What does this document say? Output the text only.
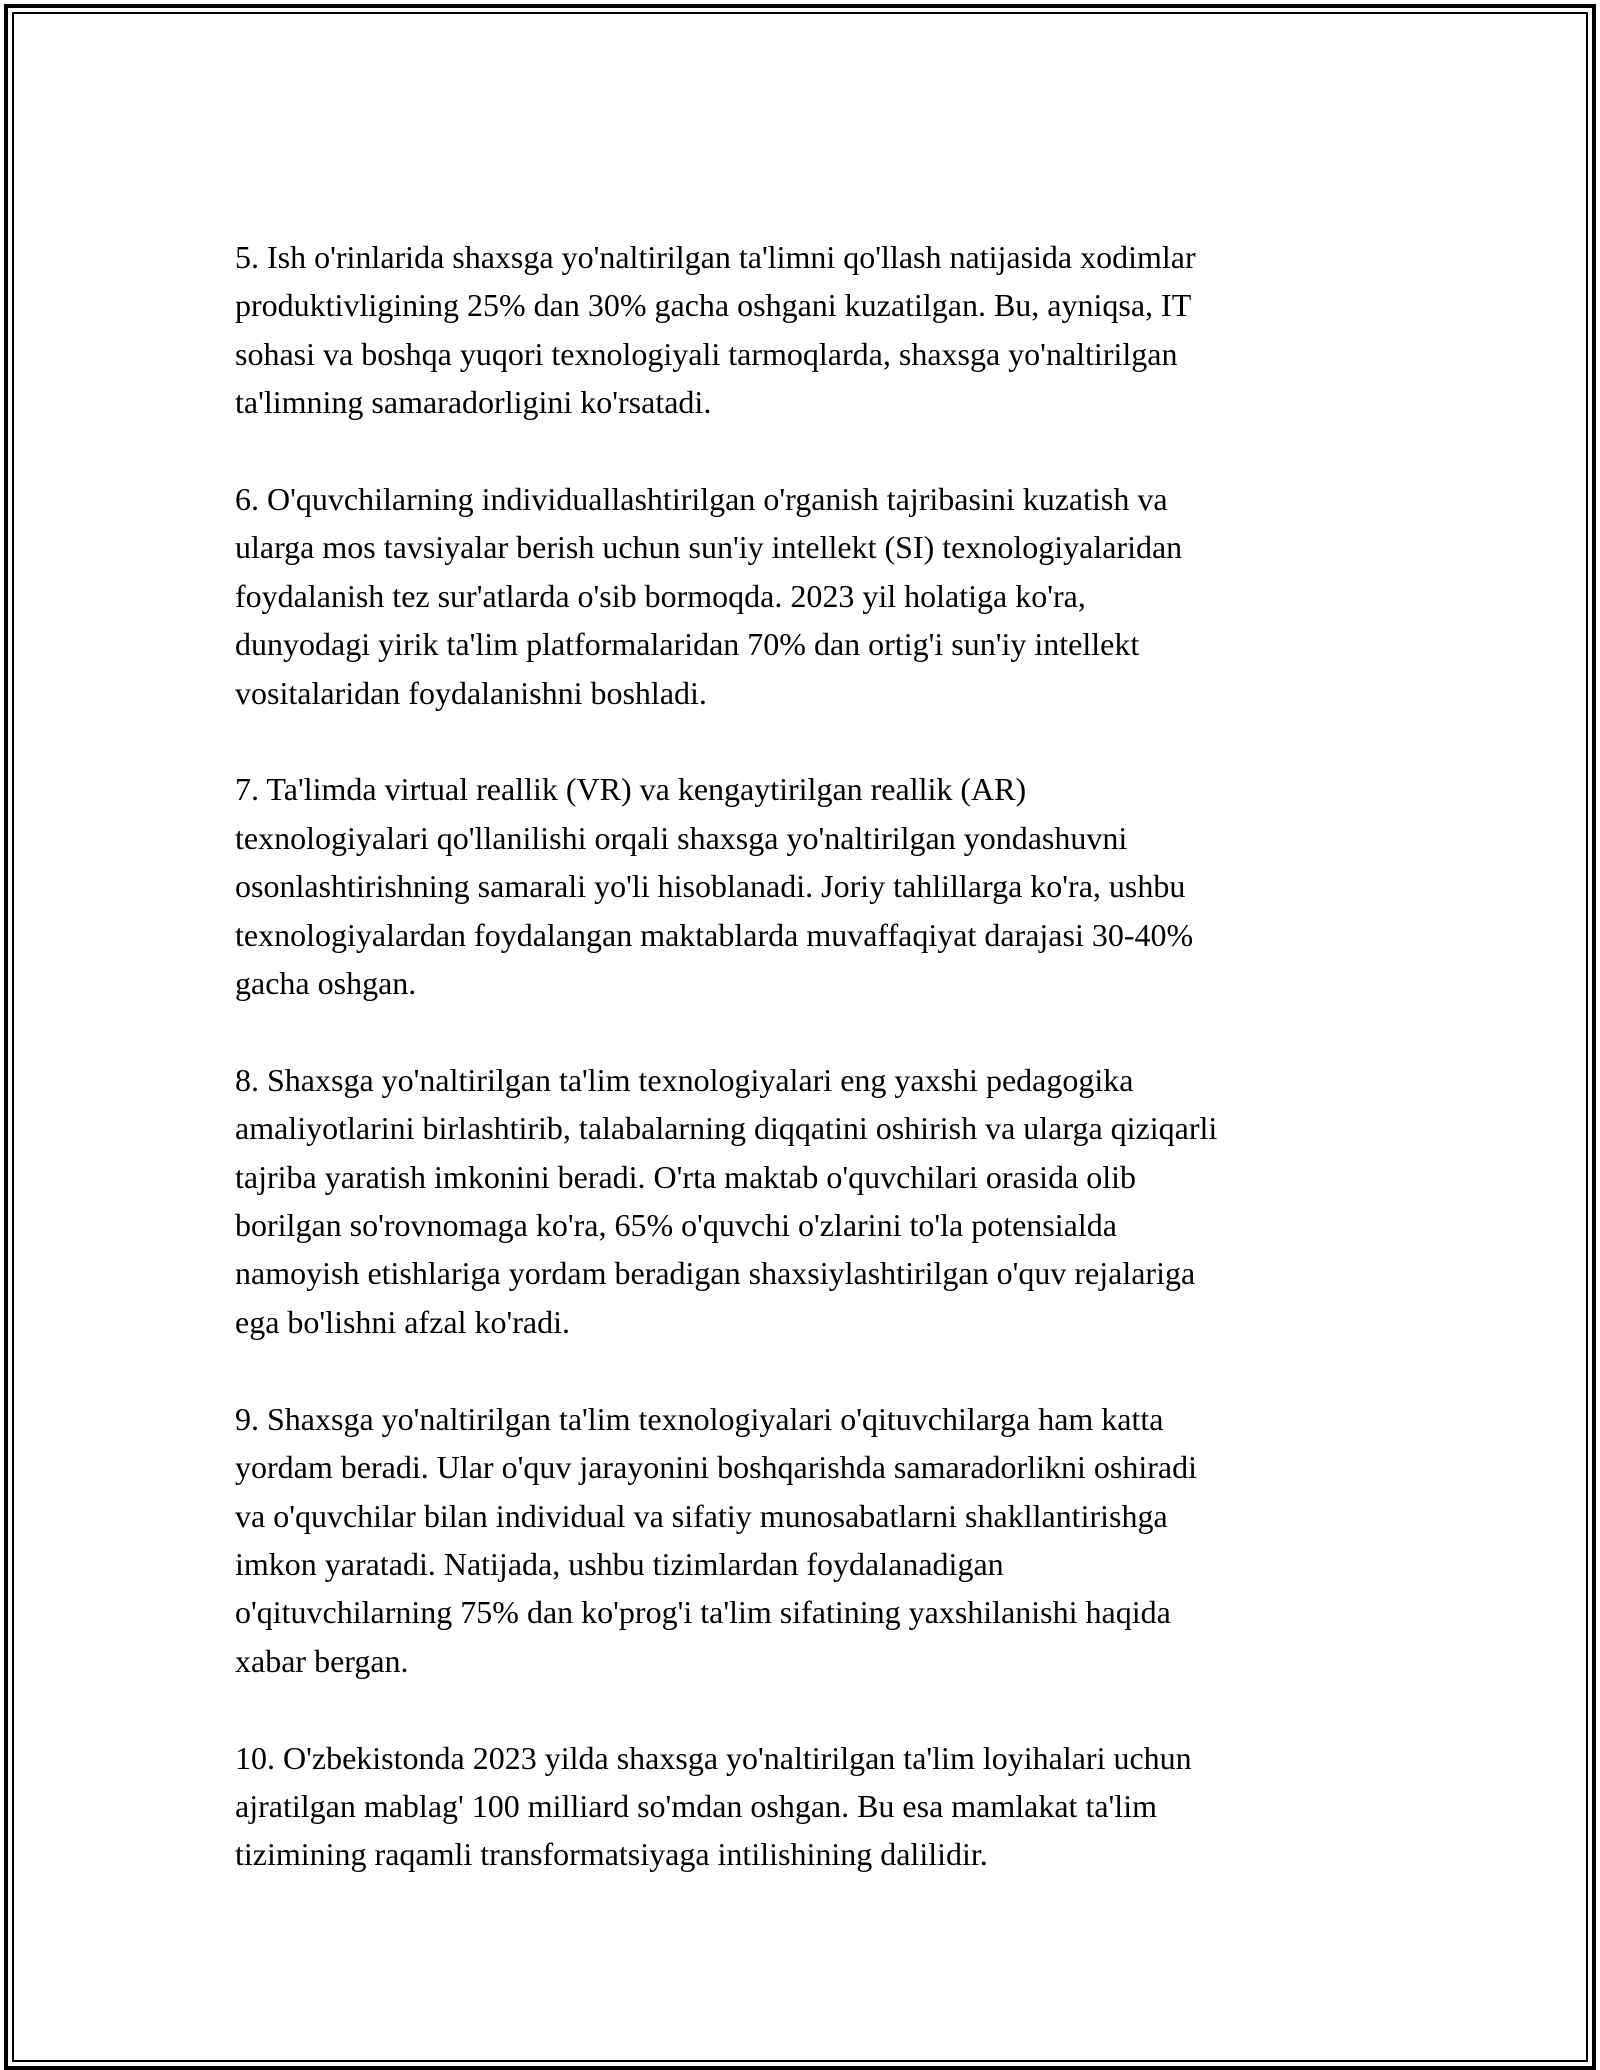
5. Ish o'rinlarida shaxsga yo'naltirilgan ta'limni qo'llash natijasida xodimlar
produktivligining 25% dan 30% gacha oshgani kuzatilgan. Bu, ayniqsa, IT
sohasi va boshqa yuqori texnologiyali tarmoqlarda, shaxsga yo'naltirilgan
ta'limning samaradorligini ko'rsatadi.

6. O'quvchilarning individuallashtirilgan o'rganish tajribasini kuzatish va
ularga mos tavsiyalar berish uchun sun'iy intellekt (SI) texnologiyalaridan
foydalanish tez sur'atlarda o'sib bormoqda. 2023 yil holatiga ko'ra,
dunyodagi yirik ta'lim platformalaridan 70% dan ortig'i sun'iy intellekt
vositalaridan foydalanishni boshladi.

7. Ta'limda virtual reallik (VR) va kengaytirilgan reallik (AR)
texnologiyalari qo'llanilishi orqali shaxsga yo'naltirilgan yondashuvni
osonlashtirishning samarali yo'li hisoblanadi. Joriy tahlillarga ko'ra, ushbu
texnologiyalardan foydalangan maktablarda muvaffaqiyat darajasi 30-40%
gacha oshgan.

8. Shaxsga yo'naltirilgan ta'lim texnologiyalari eng yaxshi pedagogika
amaliyotlarini birlashtirib, talabalarning diqqatini oshirish va ularga qiziqarli
tajriba yaratish imkonini beradi. O'rta maktab o'quvchilari orasida olib
borilgan so'rovnomaga ko'ra, 65% o'quvchi o'zlarini to'la potensialda
namoyish etishlariga yordam beradigan shaxsiylashtirilgan o'quv rejalariga
ega bo'lishni afzal ko'radi.

9. Shaxsga yo'naltirilgan ta'lim texnologiyalari o'qituvchilarga ham katta
yordam beradi. Ular o'quv jarayonini boshqarishda samaradorlikni oshiradi
va o'quvchilar bilan individual va sifatiy munosabatlarni shakllantirishga
imkon yaratadi. Natijada, ushbu tizimlardan foydalanadigan
o'qituvchilarning 75% dan ko'prog'i ta'lim sifatining yaxshilanishi haqida
xabar bergan.

10. O'zbekistonda 2023 yilda shaxsga yo'naltirilgan ta'lim loyihalari uchun
ajratilgan mablag' 100 milliard so'mdan oshgan. Bu esa mamlakat ta'lim
tizimining raqamli transformatsiyaga intilishining dalilidir.
